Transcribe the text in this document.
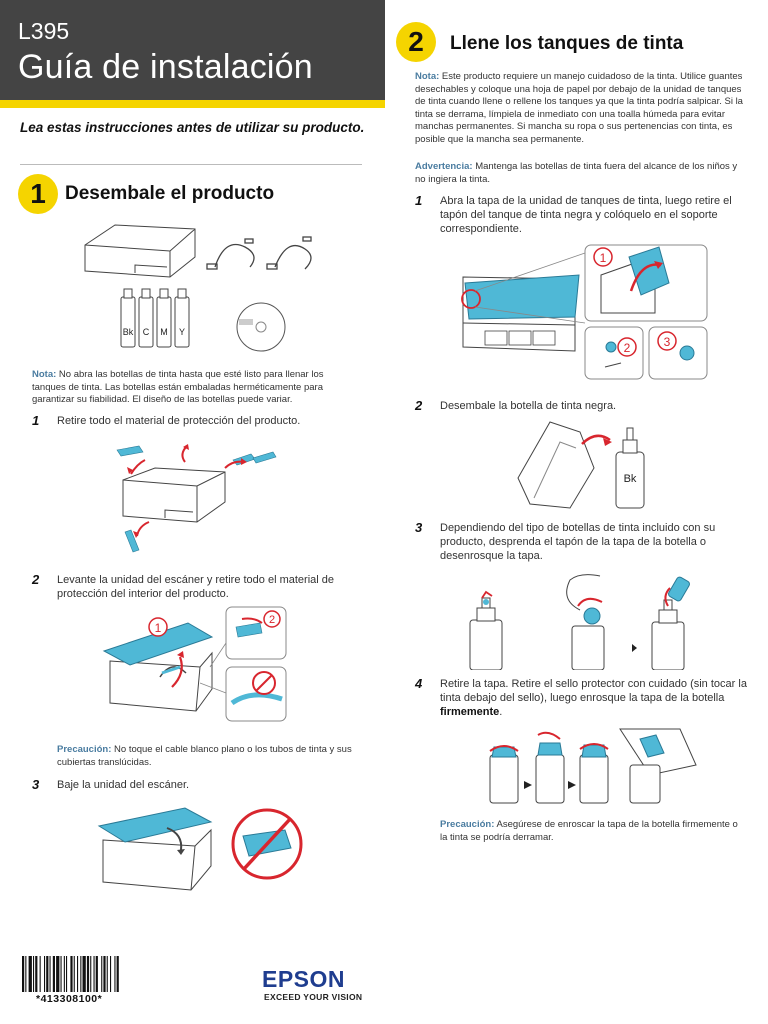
L395
Guía de instalación
Lea estas instrucciones antes de utilizar su producto.
1	Desembale el producto
Bk C M Y
Nota: No abra las botellas de tinta hasta que esté listo para llenar los tanques de tinta. Las botellas están embaladas herméticamente para garantizar su fiabilidad. El diseño de las botellas puede variar.
1 Retire todo el material de protección del producto.
2 Levante la unidad del escáner y retire todo el material de protección del interior del producto.
1
2
Precaución: No toque el cable blanco plano o los tubos de tinta y sus cubiertas translúcidas.
3 Baje la unidad del escáner.
2	Llene los tanques de tinta
Nota: Este producto requiere un manejo cuidadoso de la tinta. Utilice guantes desechables y coloque una hoja de papel por debajo de la unidad de tanques de tinta cuando llene o rellene los tanques ya que la tinta podría salpicar. Si la tinta se derrama, límpiela de inmediato con una toalla húmeda para evitar manchas permanentes. Si mancha su ropa o sus pertenencias con tinta, es posible que la mancha sea permanente.
Advertencia: Mantenga las botellas de tinta fuera del alcance de los niños y no ingiera la tinta.
1 Abra la tapa de la unidad de tanques de tinta, luego retire el tapón del tanque de tinta negra y colóquelo en el soporte correspondiente.
1
2	3
2 Desembale la botella de tinta negra.
Bk
3 Dependiendo del tipo de botellas de tinta incluido con su producto, desprenda el tapón de la tapa de la botella o desenrosque la tapa.
4 Retire la tapa. Retire el sello protector con cuidado (sin tocar la tinta debajo del sello), luego enrosque la tapa de la botella firmemente.
Precaución: Asegúrese de enroscar la tapa de la botella firmemente o la tinta se podría derramar.
*413308100*
EPSON
EXCEED YOUR VISION
